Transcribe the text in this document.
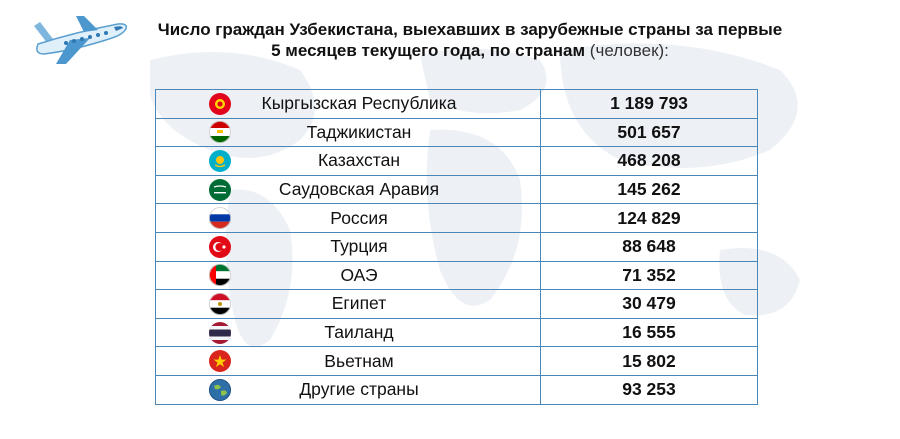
Число граждан Узбекистана, выехавших в зарубежные страны за первые
5 месяцев текущего года, по странам (человек):
Кыргызская Республика	1 189 793

Таджикистан	501 657

Казахстан	468 208

Саудовская Аравия	145 262

Россия	124 829

Турция	88 648

ОАЭ	71 352

Египет	30 479

Таиланд	16 555

Вьетнам	15 802

Другие страны	93 253
